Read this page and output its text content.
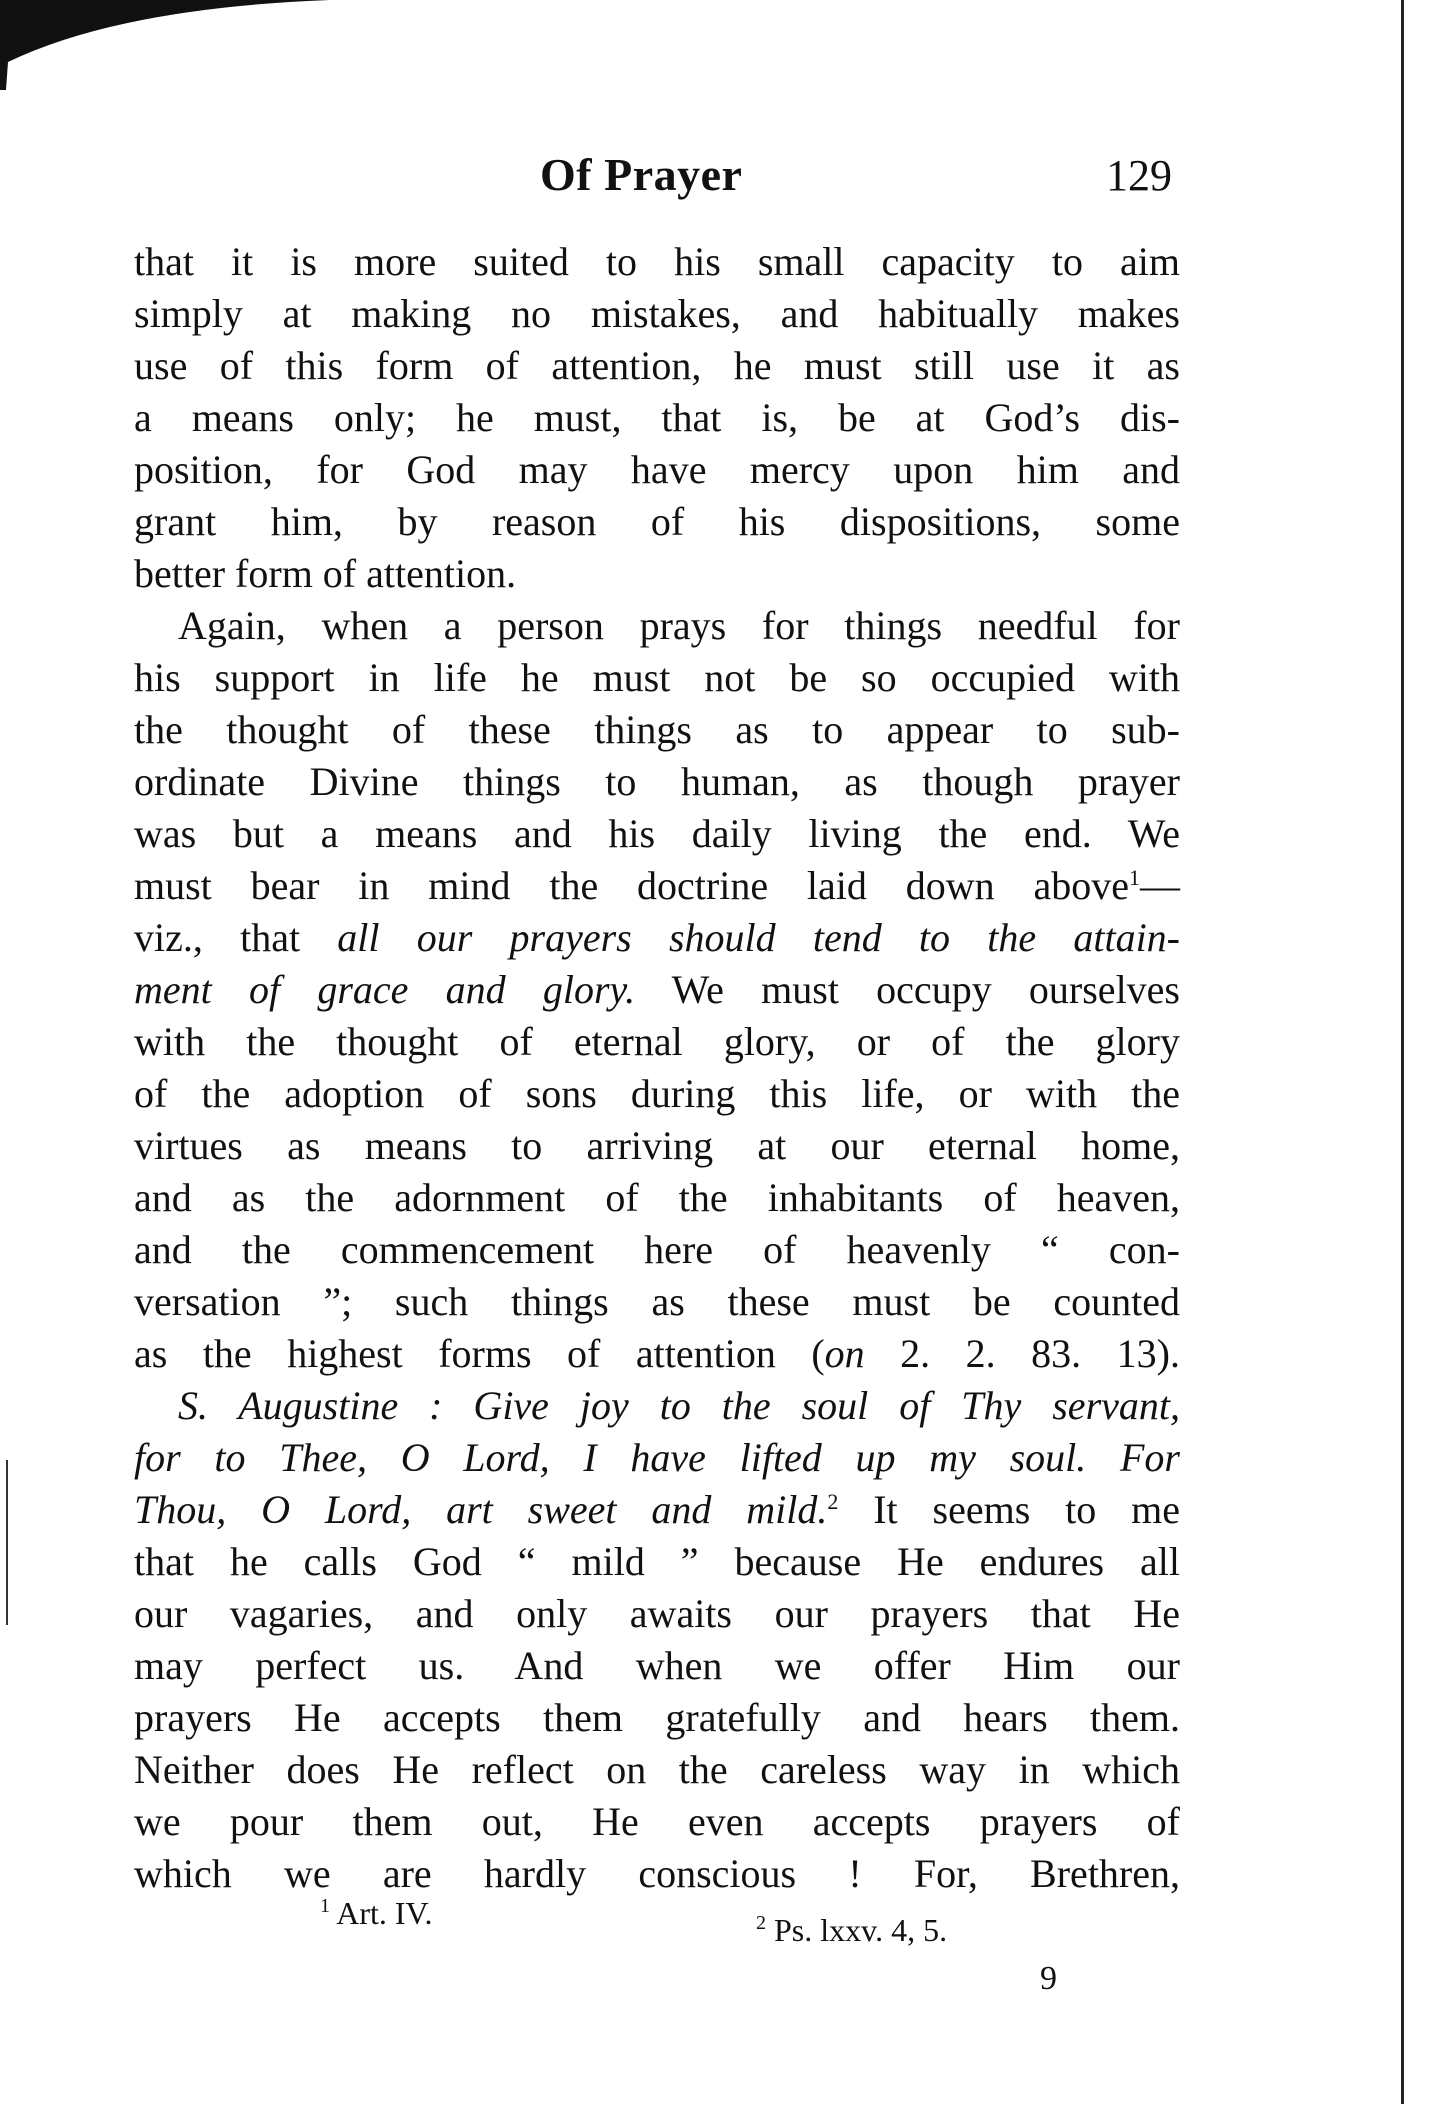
Of Prayer	129
that it is more suited to his small capacity to aim
simply at making no mistakes, and habitually makes
use of this form of attention, he must still use it as
a means only; he must, that is, be at God’s dis-
position, for God may have mercy upon him and
grant him, by reason of his dispositions, some
better form of attention.
Again, when a person prays for things needful for
his support in life he must not be so occupied with
the thought of these things as to appear to sub-
ordinate Divine things to human, as though prayer
was but a means and his daily living the end. We
must bear in mind the doctrine laid down above$^1$—
viz., that all our prayers should tend to the attain-
ment of grace and glory. We must occupy ourselves
with the thought of eternal glory, or of the glory
of the adoption of sons during this life, or with the
virtues as means to arriving at our eternal home,
and as the adornment of the inhabitants of heaven,
and the commencement here of heavenly “ con-
versation ”; such things as these must be counted
as the highest forms of attention (on 2. 2. 83. 13).
S. Augustine : Give joy to the soul of Thy servant,
for to Thee, O Lord, I have lifted up my soul. For
Thou, O Lord, art sweet and mild.$^2$ It seems to me
that he calls God “ mild ” because He endures all
our vagaries, and only awaits our prayers that He
may perfect us. And when we offer Him our
prayers He accepts them gratefully and hears them.
Neither does He reflect on the careless way in which
we pour them out, He even accepts prayers of
which we are hardly conscious ! For, Brethren,
$^1$ Art. IV.	$^2$ Ps. lxxv. 4, 5.
9
